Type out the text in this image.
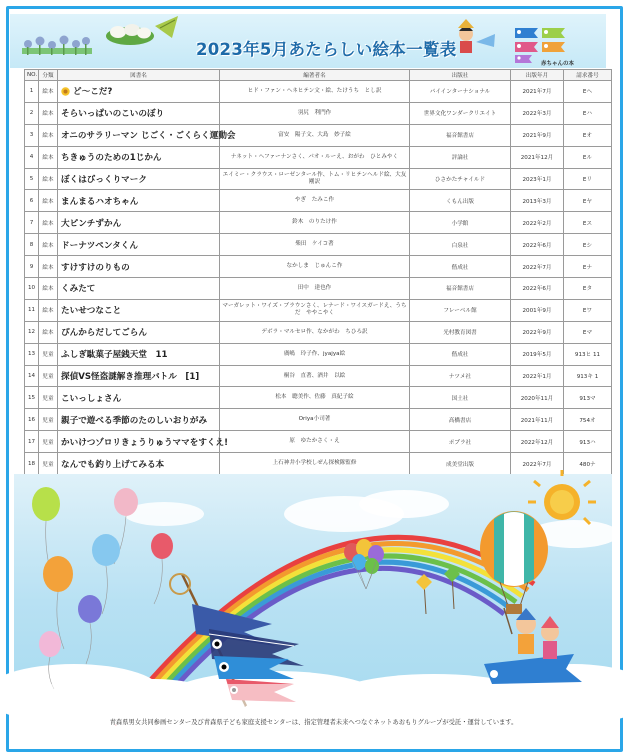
2023年5月あたらしい絵本一覧表
赤ちゃんの本
NO.	分類	図書名	編著者名	出版社	出版年月	請求番号
1	絵本	ど～こだ?	ヒド・ファン・ヘネヒテン文・絵、たけうち　とし訳	パイインターナショナル	2021年7月	Eヘ
2	絵本	そらいっぱいのこいのぼり	羽尻　利門作	世界文化ワンダークリエイト	2022年3月	Eハ
3	絵本	オニのサラリーマン じごく・ごくらく運動会	富安　陽子文、大島　妙子絵	福音館書店	2021年9月	Eオ
4	絵本	ちきゅうのための1じかん	ナネット・ヘファーナンさく、パオ・ルーえ、おがわ　ひとみやく	評論社	2021年12月	Eル
5	絵本	ぼくはびっくりマーク	エイミー・クラウス・ローゼンタール作、トム・リヒテンヘルド絵、大友　剛訳	ひさかたチャイルド	2023年1月	Eリ
6	絵本	まんまるハオちゃん	やぎ　たみこ作	くもん出版	2013年3月	Eヤ
7	絵本	大ピンチずかん	鈴木　のりたけ作	小学館	2022年2月	Eス
8	絵本	ドーナツペンタくん	柴田　ケイコ著	白泉社	2022年6月	Eシ
9	絵本	すけすけのりもの	なかしま　じゅんこ作	偕成社	2022年7月	Eナ
10	絵本	くみたて	田中　達也作	福音館書店	2022年6月	Eタ
11	絵本	たいせつなこと	マーガレット・ワイズ・ブラウンさく、レナード・ワイスガードえ、うちだ　ややこやく	フレーベル館	2001年9月	Eワ
12	絵本	ぴんからだしてごらん	デボラ・マルセロ作、なかがわ　ちひろ訳	光村教育図書	2022年9月	Eマ
13	児童	ふしぎ駄菓子屋銭天堂　11	廣嶋　玲子作、jyajya絵	偕成社	2019年5月	913ヒ 11
14	児童	探偵VS怪盗謎解き推理バトル　[1]	桐谷　直著、酒井　以絵	ナツメ社	2022年1月	913キ 1
15	児童	こいっしょさん	松本　聰美作、佐藤　真紀子絵	国土社	2020年11月	913マ
16	児童	親子で遊べる季節のたのしいおりがみ	Oriya小司著	高橋書店	2021年11月	754オ
17	児童	かいけつゾロリきょうりゅうママをすくえ!	原　ゆたかさく・え	ポプラ社	2022年12月	913ハ
18	児童	なんでも釣り上げてみる本	上石神井小学校しぜん探検隊監修	成美堂出版	2022年7月	480ナ
青森県男女共同参画センター及び青森県子ども家庭支援センターは、指定管理者未来へつなぐネットあおもりグループが受託・運営しています。
